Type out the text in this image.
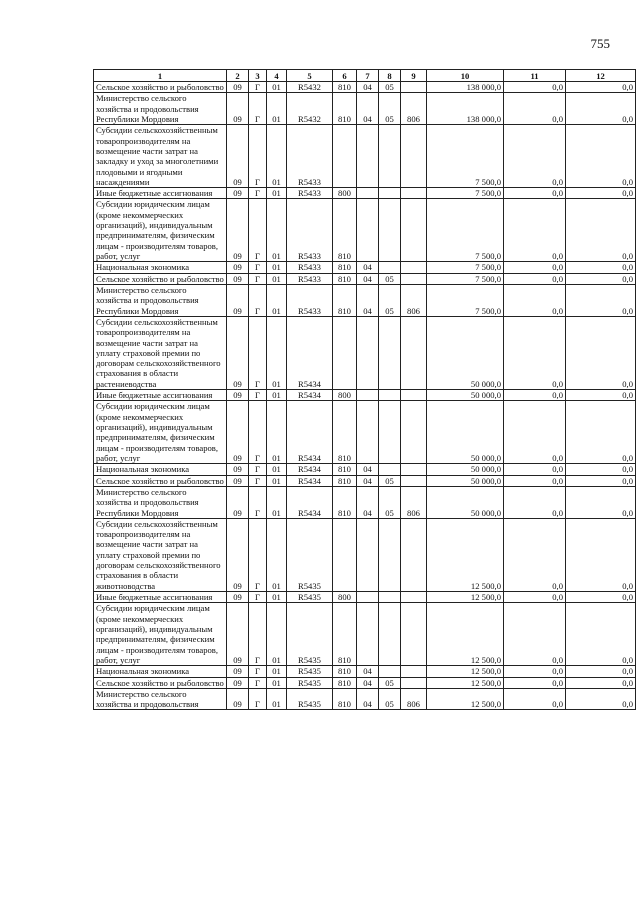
755
1	2	3	4	5	6	7	8	9	10	11	12
Сельское хозяйство и рыболовство	09	Г	01	R5432	810	04	05		138 000,0	0,0	0,0
Министерство сельского хозяйства и продовольствия Республики Мордовия	09	Г	01	R5432	810	04	05	806	138 000,0	0,0	0,0
Субсидии сельскохозяйственным товаропроизводителям на возмещение части затрат на закладку и уход за многолетними плодовыми и ягодными насаждениями	09	Г	01	R5433					7 500,0	0,0	0,0
Иные бюджетные ассигнования	09	Г	01	R5433	800				7 500,0	0,0	0,0
Субсидии юридическим лицам (кроме некоммерческих организаций), индивидуальным предпринимателям, физическим лицам - производителям товаров, работ, услуг	09	Г	01	R5433	810				7 500,0	0,0	0,0
Национальная экономика	09	Г	01	R5433	810	04			7 500,0	0,0	0,0
Сельское хозяйство и рыболовство	09	Г	01	R5433	810	04	05		7 500,0	0,0	0,0
Министерство сельского хозяйства и продовольствия Республики Мордовия	09	Г	01	R5433	810	04	05	806	7 500,0	0,0	0,0
Субсидии сельскохозяйственным товаропроизводителям на возмещение части затрат на уплату страховой премии по договорам сельскохозяйственного страхования в области растениеводства	09	Г	01	R5434					50 000,0	0,0	0,0
Иные бюджетные ассигнования	09	Г	01	R5434	800				50 000,0	0,0	0,0
Субсидии юридическим лицам (кроме некоммерческих организаций), индивидуальным предпринимателям, физическим лицам - производителям товаров, работ, услуг	09	Г	01	R5434	810				50 000,0	0,0	0,0
Национальная экономика	09	Г	01	R5434	810	04			50 000,0	0,0	0,0
Сельское хозяйство и рыболовство	09	Г	01	R5434	810	04	05		50 000,0	0,0	0,0
Министерство сельского хозяйства и продовольствия Республики Мордовия	09	Г	01	R5434	810	04	05	806	50 000,0	0,0	0,0
Субсидии сельскохозяйственным товаропроизводителям на возмещение части затрат на уплату страховой премии по договорам сельскохозяйственного страхования в области животноводства	09	Г	01	R5435					12 500,0	0,0	0,0
Иные бюджетные ассигнования	09	Г	01	R5435	800				12 500,0	0,0	0,0
Субсидии юридическим лицам (кроме некоммерческих организаций), индивидуальным предпринимателям, физическим лицам - производителям товаров, работ, услуг	09	Г	01	R5435	810				12 500,0	0,0	0,0
Национальная экономика	09	Г	01	R5435	810	04			12 500,0	0,0	0,0
Сельское хозяйство и рыболовство	09	Г	01	R5435	810	04	05		12 500,0	0,0	0,0
Министерство сельского хозяйства и продовольствия	09	Г	01	R5435	810	04	05	806	12 500,0	0,0	0,0
